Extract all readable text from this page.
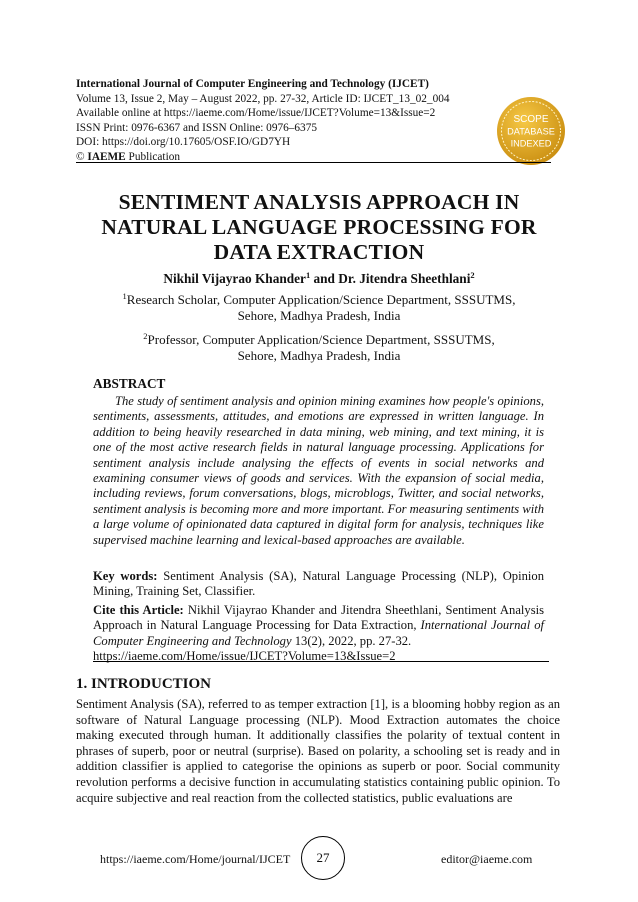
International Journal of Computer Engineering and Technology (IJCET)
Volume 13, Issue 2, May – August 2022, pp. 27-32, Article ID: IJCET_13_02_004
Available online at https://iaeme.com/Home/issue/IJCET?Volume=13&Issue=2
ISSN Print: 0976-6367 and ISSN Online: 0976–6375
DOI: https://doi.org/10.17605/OSF.IO/GD7YH
© IAEME Publication
SCOPE
DATABASE
INDEXED
SENTIMENT ANALYSIS APPROACH IN
NATURAL LANGUAGE PROCESSING FOR
DATA EXTRACTION
Nikhil Vijayrao Khander$^1$ and Dr. Jitendra Sheethlani$^2$
$^1$Research Scholar, Computer Application/Science Department, SSSUTMS,
Sehore, Madhya Pradesh, India
$^2$Professor, Computer Application/Science Department, SSSUTMS,
Sehore, Madhya Pradesh, India
ABSTRACT
The study of sentiment analysis and opinion mining examines how people's opinions, sentiments, assessments, attitudes, and emotions are expressed in written language. In addition to being heavily researched in data mining, web mining, and text mining, it is one of the most active research fields in natural language processing. Applications for sentiment analysis include analysing the effects of events in social networks and examining consumer views of goods and services. With the expansion of social media, including reviews, forum conversations, blogs, microblogs, Twitter, and social networks, sentiment analysis is becoming more and more important. For measuring sentiments with a large volume of opinionated data captured in digital form for analysis, techniques like supervised machine learning and lexical-based approaches are available.
Key words: Sentiment Analysis (SA), Natural Language Processing (NLP), Opinion Mining, Training Set, Classifier.
Cite this Article: Nikhil Vijayrao Khander and Jitendra Sheethlani, Sentiment Analysis Approach in Natural Language Processing for Data Extraction, International Journal of Computer Engineering and Technology 13(2), 2022, pp. 27-32.
https://iaeme.com/Home/issue/IJCET?Volume=13&Issue=2
1. INTRODUCTION
Sentiment Analysis (SA), referred to as temper extraction [1], is a blooming hobby region as an software of Natural Language processing (NLP). Mood Extraction automates the choice making executed through human. It additionally classifies the polarity of textual content in phrases of superb, poor or neutral (surprise). Based on polarity, a schooling set is ready and in addition classifier is applied to categorise the opinions as superb or poor. Social community revolution performs a decisive function in accumulating statistics containing public opinion. To acquire subjective and real reaction from the collected statistics, public evaluations are
https://iaeme.com/Home/journal/IJCET	27	editor@iaeme.com
